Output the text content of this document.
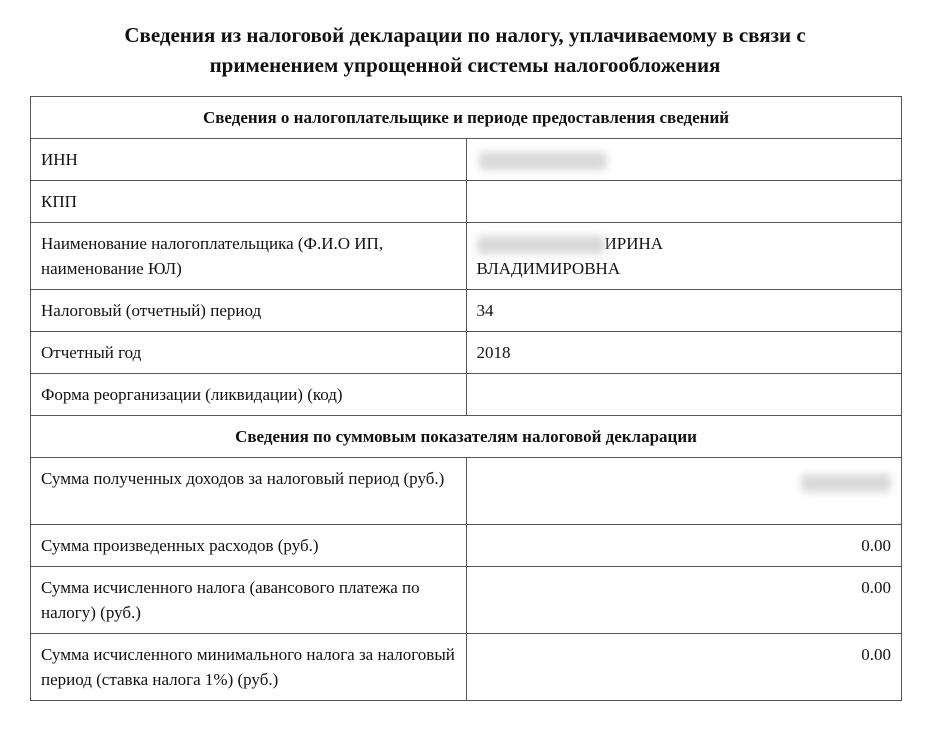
Сведения из налоговой декларации по налогу, уплачиваемому в связи с
применением упрощенной системы налогообложения
Сведения о налогоплательщике и периоде предоставления сведений	
ИНН	
КПП	
Наименование налогоплательщика (Ф.И.О ИП, наименование ЮЛ)	ИРИНА
ВЛАДИМИРОВНА

Налоговый (отчетный) период	34
Отчетный год	2018
Форма реорганизации (ликвидации) (код)	
Сведения по суммовым показателям налоговой декларации	
Сумма полученных доходов за налоговый период (руб.)	
Сумма произведенных расходов (руб.)	0.00
Сумма исчисленного налога (авансового платежа по налогу) (руб.)	0.00
Сумма исчисленного минимального налога за налоговый период (ставка налога 1%) (руб.)	0.00
